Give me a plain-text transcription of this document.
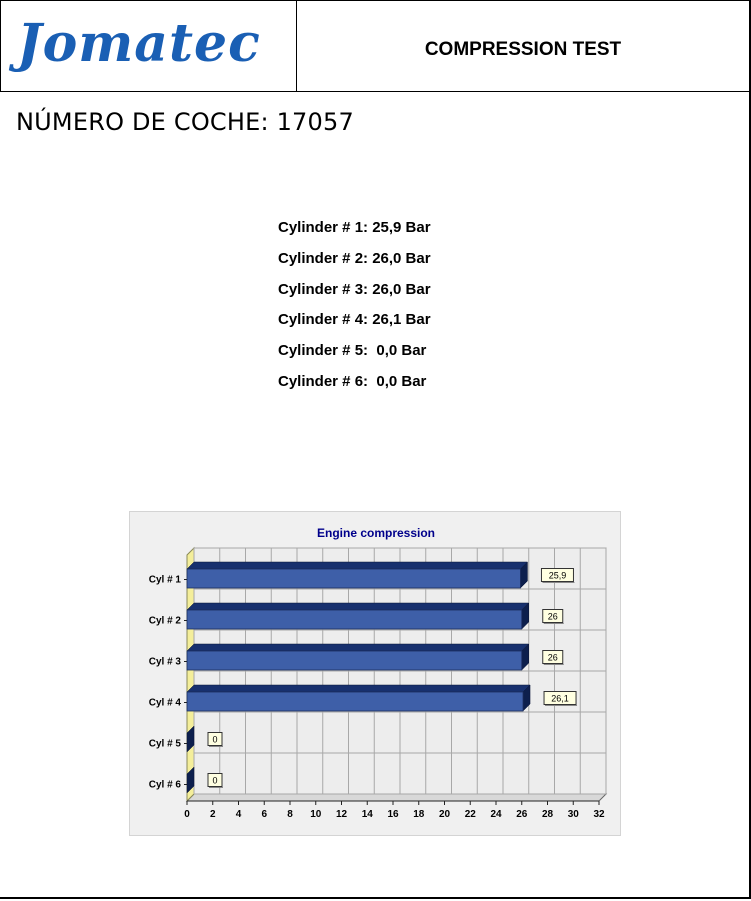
Jomatec	COMPRESSION TEST
NÚMERO DE COCHE: 17057
Cylinder # 1: 25,9 Bar
Cylinder # 2: 26,0 Bar
Cylinder # 3: 26,0 Bar
Cylinder # 4: 26,1 Bar
Cylinder # 5:  0,0 Bar
Cylinder # 6:  0,0 Bar
Engine compression
0 2 4 6 8 10 12 14 16 18 20 22 24 26 28 30 32
Cyl # 1	25,9
Cyl # 2	26
Cyl # 3	26
Cyl # 4	26,1
Cyl # 5	0
Cyl # 6	0
